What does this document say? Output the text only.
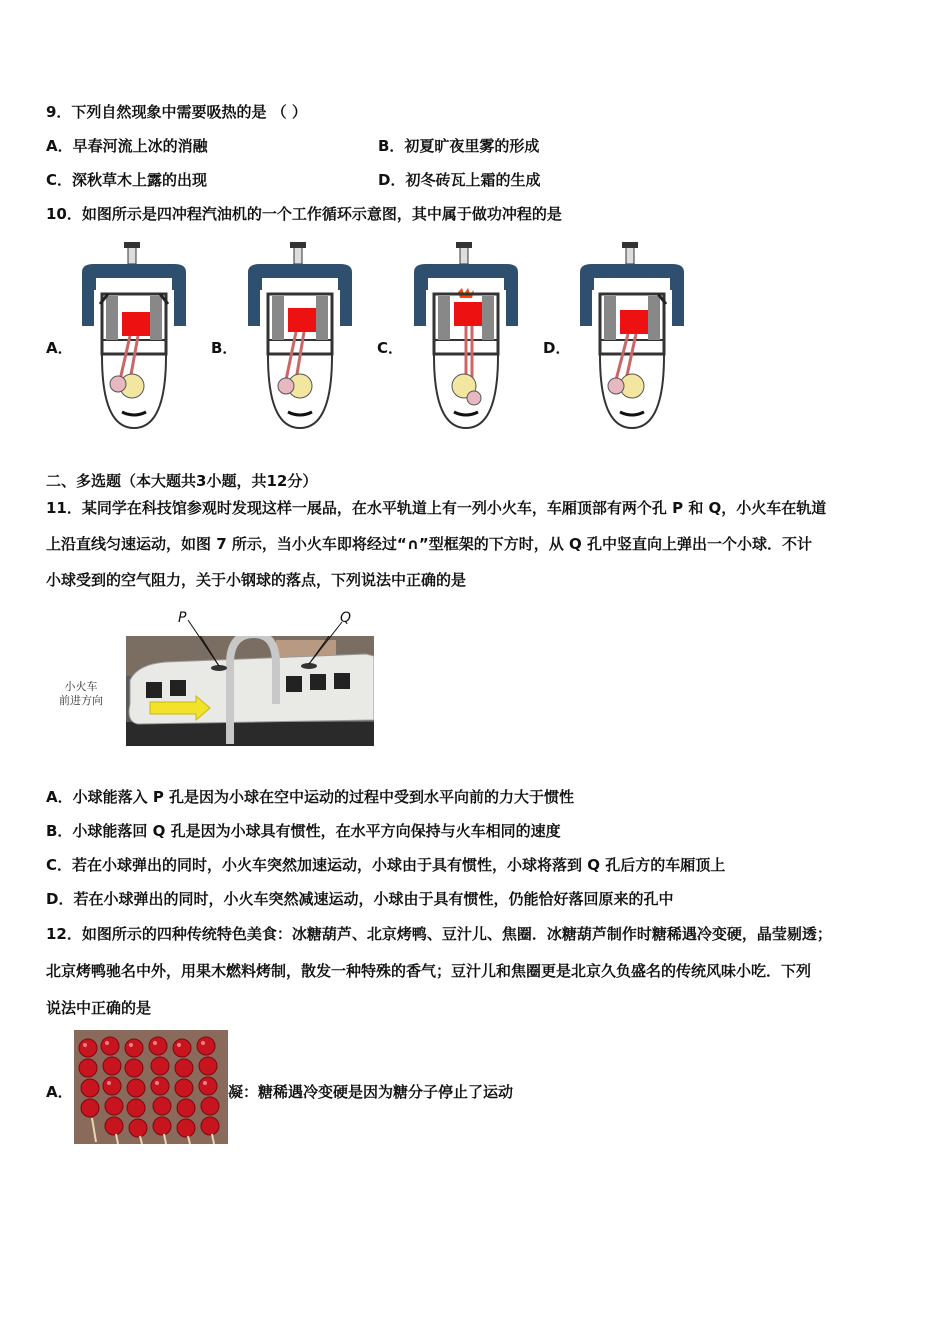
9．下列自然现象中需要吸热的是 （ ）
A．早春河流上冰的消融	B．初夏旷夜里雾的形成
C．深秋草木上露的出现	D．初冬砖瓦上霜的生成
10．如图所示是四冲程汽油机的一个工作循环示意图，其中属于做功冲程的是
A．	B．	C．	D．
二、多选题（本大题共3小题，共12分）
11．某同学在科技馆参观时发现这样一展品，在水平轨道上有一列小火车，车厢顶部有两个孔 P 和 Q，小火车在轨道
上沿直线匀速运动，如图 7 所示，当小火车即将经过“∩”型框架的下方时，从 Q 孔中竖直向上弹出一个小球．不计
小球受到的空气阻力，关于小钢球的落点，下列说法中正确的是
小火车
前进方向
P	Q
A．小球能落入 P 孔是因为小球在空中运动的过程中受到水平向前的力大于惯性
B．小球能落回 Q 孔是因为小球具有惯性，在水平方向保持与火车相同的速度
C．若在小球弹出的同时，小火车突然加速运动，小球由于具有惯性，小球将落到 Q 孔后方的车厢顶上
D．若在小球弹出的同时，小火车突然减速运动，小球由于具有惯性，仍能恰好落回原来的孔中
12．如图所示的四种传统特色美食：冰糖葫芦、北京烤鸭、豆汁儿、焦圈．冰糖葫芦制作时糖稀遇冷变硬，晶莹剔透；
北京烤鸭驰名中外，用果木燃料烤制，散发一种特殊的香气；豆汁儿和焦圈更是北京久负盛名的传统风味小吃．下列
说法中正确的是
A．	凝：糖稀遇冷变硬是因为糖分子停止了运动
